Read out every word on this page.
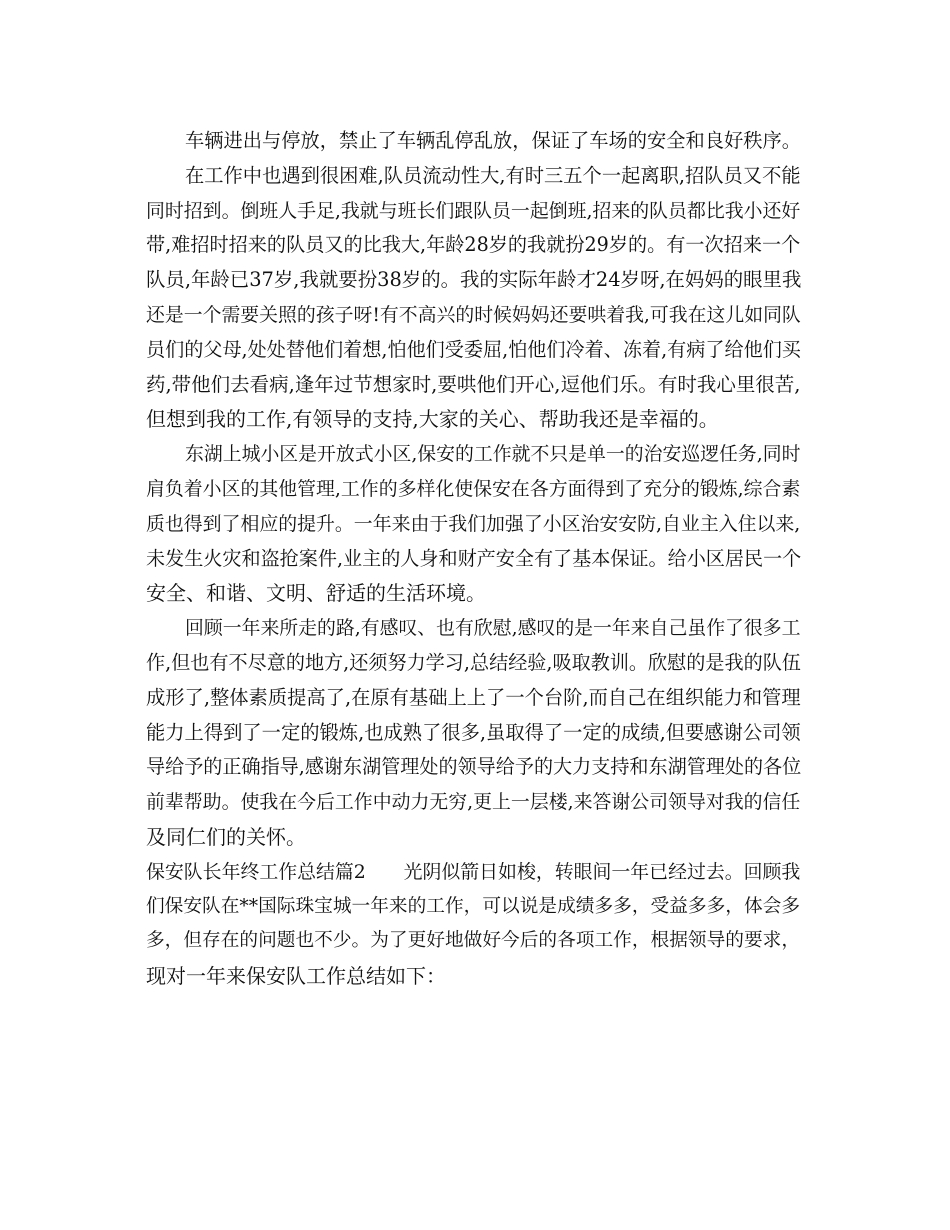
车辆进出与停放，禁止了车辆乱停乱放，保证了车场的安全和良好秩序。
在工作中也遇到很困难,队员流动性大,有时三五个一起离职,招队员又不能
同时招到。倒班人手足,我就与班长们跟队员一起倒班,招来的队员都比我小还好
带,难招时招来的队员又的比我大,年龄28岁的我就扮29岁的。有一次招来一个
队员,年龄已37岁,我就要扮38岁的。我的实际年龄才24岁呀,在妈妈的眼里我
还是一个需要关照的孩子呀!有不高兴的时候妈妈还要哄着我,可我在这儿如同队
员们的父母,处处替他们着想,怕他们受委屈,怕他们冷着、冻着,有病了给他们买
药,带他们去看病,逢年过节想家时,要哄他们开心,逗他们乐。有时我心里很苦,
但想到我的工作,有领导的支持,大家的关心、帮助我还是幸福的。
东湖上城小区是开放式小区,保安的工作就不只是单一的治安巡逻任务,同时
肩负着小区的其他管理,工作的多样化使保安在各方面得到了充分的锻炼,综合素
质也得到了相应的提升。一年来由于我们加强了小区治安安防,自业主入住以来,
未发生火灾和盗抢案件,业主的人身和财产安全有了基本保证。给小区居民一个
安全、和谐、文明、舒适的生活环境。
回顾一年来所走的路,有感叹、也有欣慰,感叹的是一年来自己虽作了很多工
作,但也有不尽意的地方,还须努力学习,总结经验,吸取教训。欣慰的是我的队伍
成形了,整体素质提高了,在原有基础上上了一个台阶,而自己在组织能力和管理
能力上得到了一定的锻炼,也成熟了很多,虽取得了一定的成绩,但要感谢公司领
导给予的正确指导,感谢东湖管理处的领导给予的大力支持和东湖管理处的各位
前辈帮助。使我在今后工作中动力无穷,更上一层楼,来答谢公司领导对我的信任
及同仁们的关怀。
保安队长年终工作总结篇2　　光阴似箭日如梭，转眼间一年已经过去。回顾我
们保安队在**国际珠宝城一年来的工作，可以说是成绩多多，受益多多，体会多
多，但存在的问题也不少。为了更好地做好今后的各项工作，根据领导的要求，
现对一年来保安队工作总结如下：
